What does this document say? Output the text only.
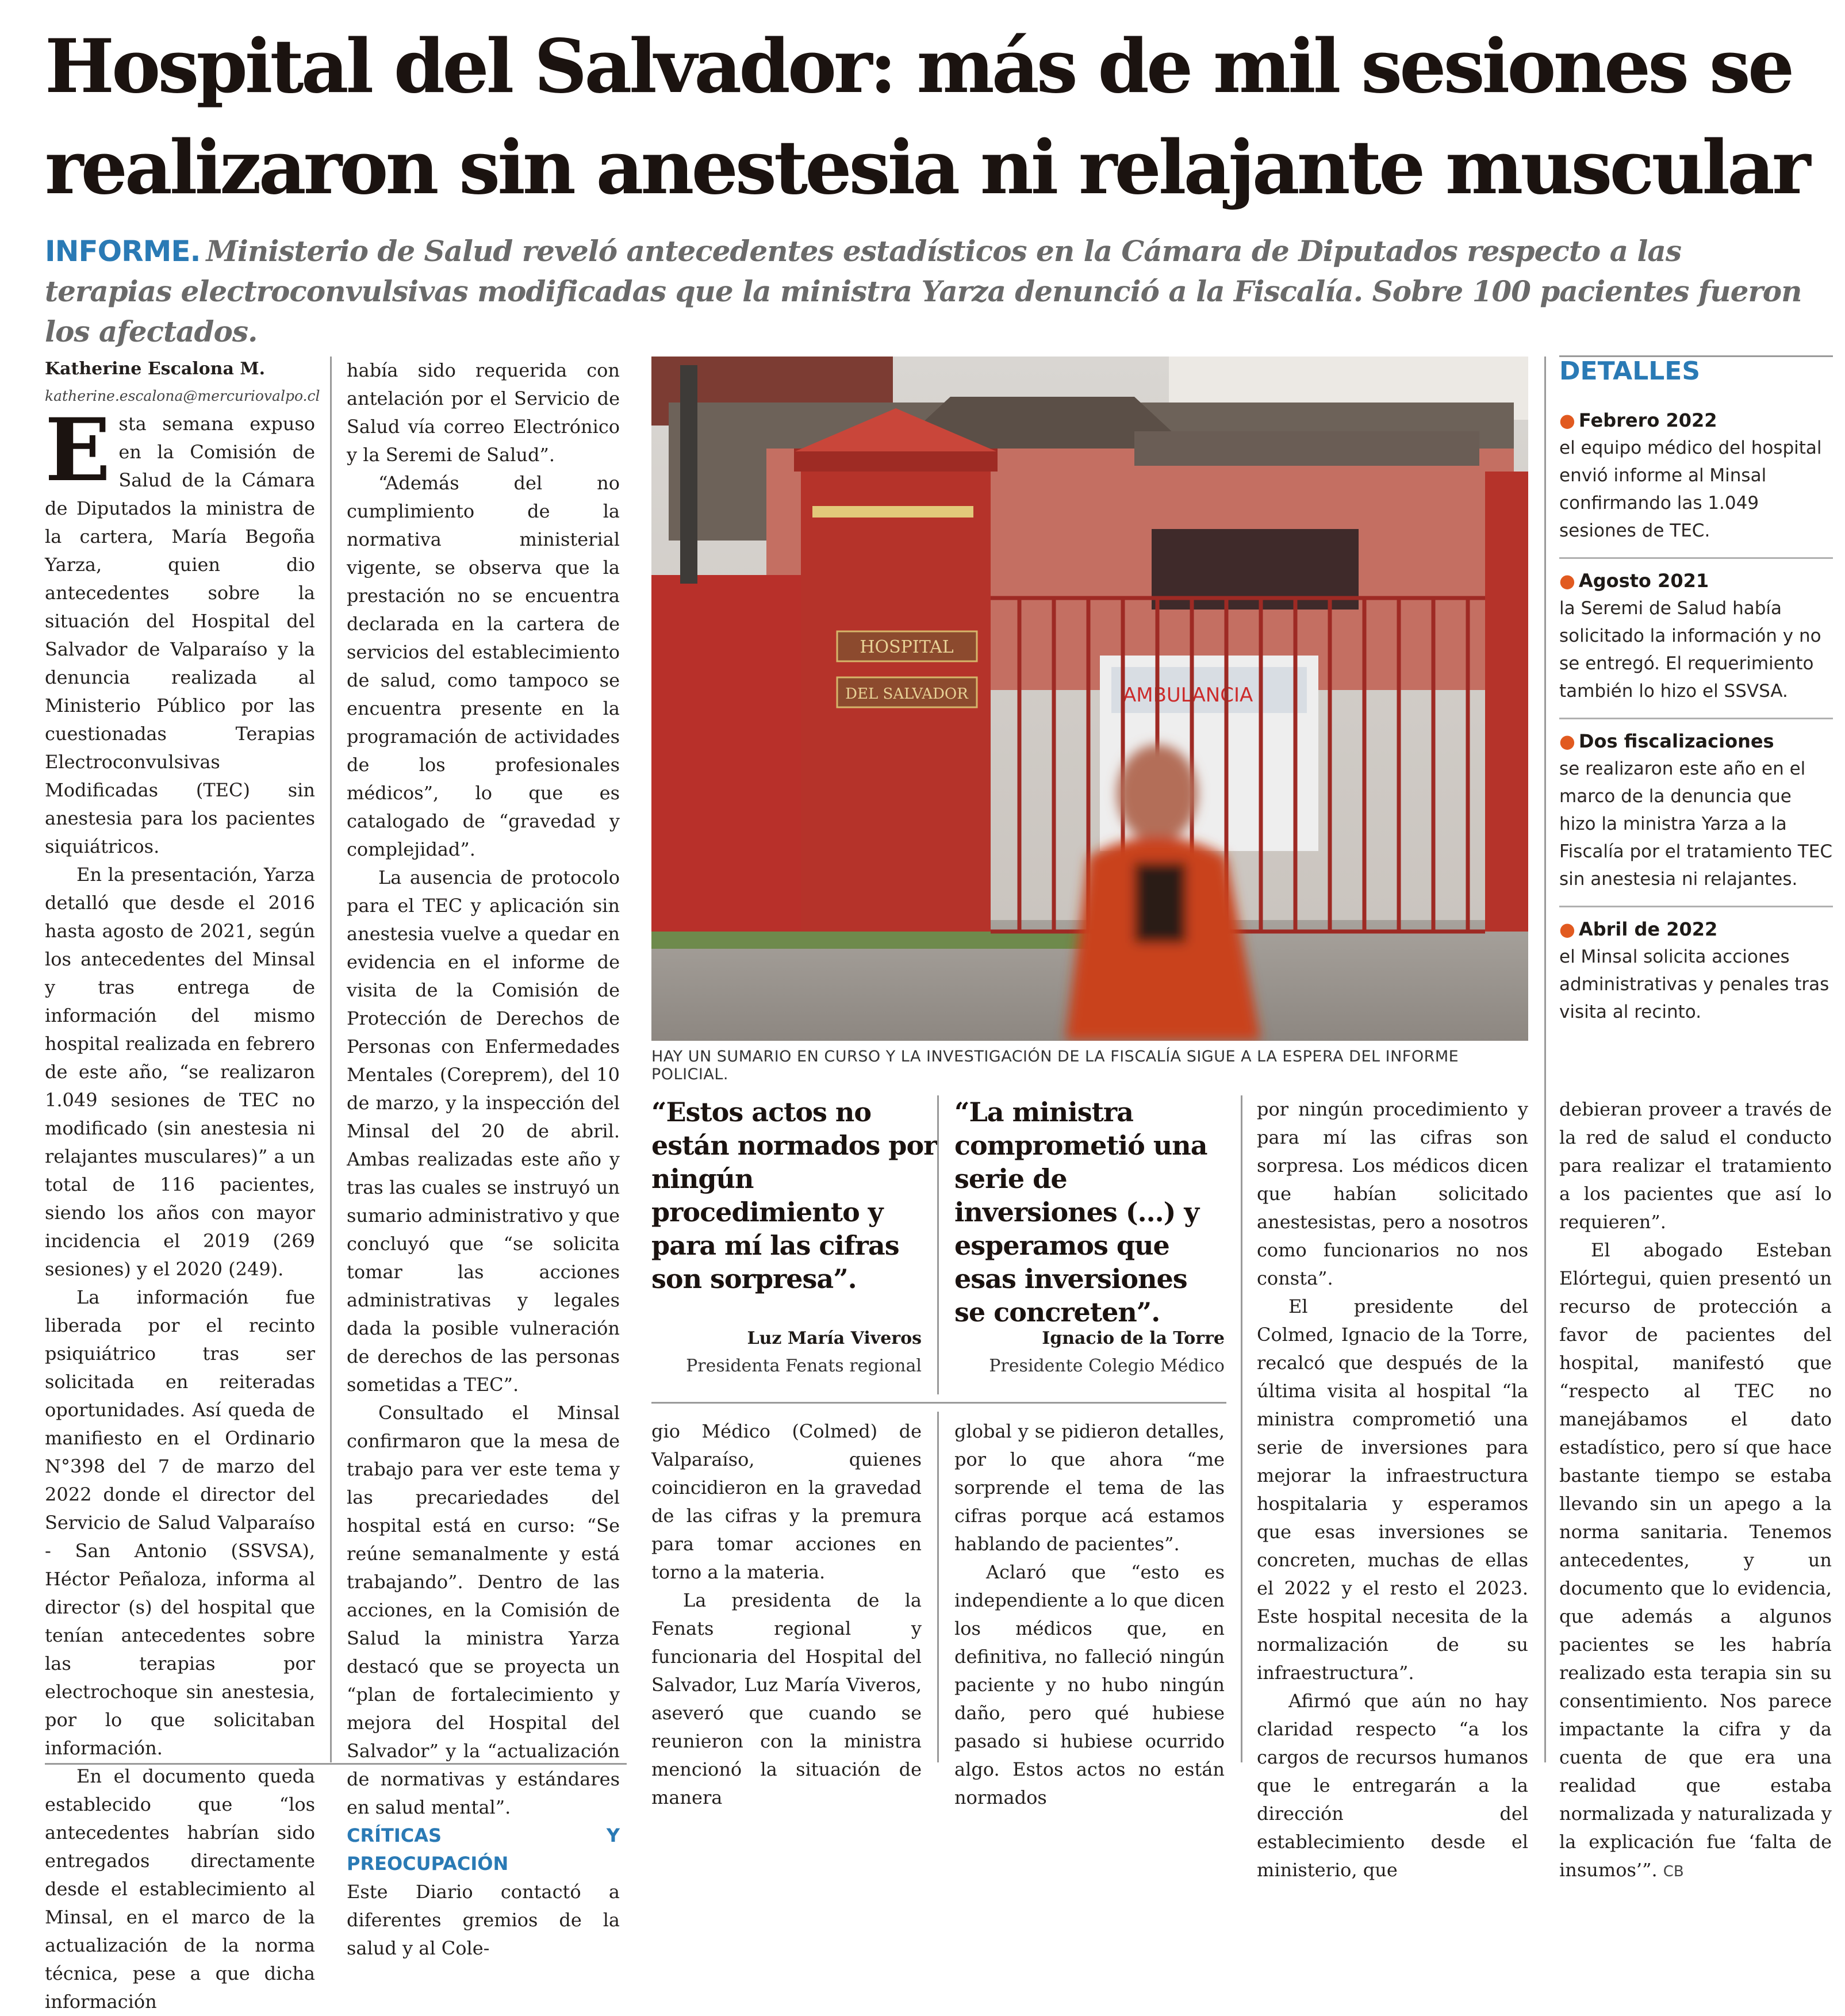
Hospital del Salvador: más de mil sesiones se realizaron sin anestesia ni relajante muscular

INFORME. Ministerio de Salud reveló antecedentes estadísticos en la Cámara de Diputados respecto a las terapias electroconvulsivas modificadas que la ministra Yarza denunció a la Fiscalía. Sobre 100 pacientes fueron los afectados.

Katherine Escalona M.

katherine.escalona@mercuriovalpo.cl

Esta semana expuso en la Comisión de Salud de la Cámara de Diputados la ministra de la cartera, María Begoña Yarza, quien dio antecedentes sobre la situación del Hospital del Salvador de Valparaíso y la denuncia realizada al Ministerio Público por las cuestionadas Terapias Electroconvulsivas Modificadas (TEC) sin anestesia para los pacientes siquiátricos.

En la presentación, Yarza detalló que desde el 2016 hasta agosto de 2021, según los antecedentes del Minsal y tras entrega de información del mismo hospital realizada en febrero de este año, “se realizaron 1.049 sesiones de TEC no modificado (sin anestesia ni relajantes musculares)” a un total de 116 pacientes, siendo los años con mayor incidencia el 2019 (269 sesiones) y el 2020 (249).

La información fue liberada por el recinto psiquiátrico tras ser solicitada en reiteradas oportunidades. Así queda de manifiesto en el Ordinario N°398 del 7 de marzo del 2022 donde el director del Servicio de Salud Valparaíso - San Antonio (SSVSA), Héctor Peñaloza, informa al director (s) del hospital que tenían antecedentes sobre las terapias por electrochoque sin anestesia, por lo que solicitaban información.

En el documento queda establecido que “los antecedentes habrían sido entregados directamente desde el establecimiento al Minsal, en el marco de la actualización de la norma técnica, pese a que dicha información

había sido requerida con antelación por el Servicio de Salud vía correo Electrónico y la Seremi de Salud”.

“Además del no cumplimiento de la normativa ministerial vigente, se observa que la prestación no se encuentra declarada en la cartera de servicios del establecimiento de salud, como tampoco se encuentra presente en la programación de actividades de los profesionales médicos”, lo que es catalogado de “gravedad y complejidad”.

La ausencia de protocolo para el TEC y aplicación sin anestesia vuelve a quedar en evidencia en el informe de visita de la Comisión de Protección de Derechos de Personas con Enfermedades Mentales (Coreprem), del 10 de marzo, y la inspección del Minsal del 20 de abril. Ambas realizadas este año y tras las cuales se instruyó un sumario administrativo y que concluyó que “se solicita tomar las acciones administrativas y legales dada la posible vulneración de derechos de las personas sometidas a TEC”.

Consultado el Minsal confirmaron que la mesa de trabajo para ver este tema y las precariedades del hospital está en curso: “Se reúne semanalmente y está trabajando”. Dentro de las acciones, en la Comisión de Salud la ministra Yarza destacó que se proyecta un “plan de fortalecimiento y mejora del Hospital del Salvador” y la “actualización de normativas y estándares en salud mental”.

CRÍTICAS Y PREOCUPACIÓN

Este Diario contactó a diferentes gremios de la salud y al Cole-

AMBULANCIA
HOSPITAL
DEL SALVADOR

HAY UN SUMARIO EN CURSO Y LA INVESTIGACIÓN DE LA FISCALÍA SIGUE A LA ESPERA DEL INFORME POLICIAL.

DETALLES

● Febrero 2022

el equipo médico del hospital envió informe al Minsal confirmando las 1.049 sesiones de TEC.

● Agosto 2021

la Seremi de Salud había solicitado la información y no se entregó. El requerimiento también lo hizo el SSVSA.

● Dos fiscalizaciones

se realizaron este año en el marco de la denuncia que hizo la ministra Yarza a la Fiscalía por el tratamiento TEC sin anestesia ni relajantes.

● Abril de 2022

el Minsal solicita acciones administrativas y penales tras visita al recinto.

“Estos actos no están normados por ningún procedimiento y para mí las cifras son sorpresa”.

Luz María Viveros

Presidenta Fenats regional

“La ministra comprometió una serie de inversiones (...) y esperamos que esas inversiones se concreten”.

Ignacio de la Torre

Presidente Colegio Médico

gio Médico (Colmed) de Valparaíso, quienes coincidieron en la gravedad de las cifras y la premura para tomar acciones en torno a la materia.

La presidenta de la Fenats regional y funcionaria del Hospital del Salvador, Luz María Viveros, aseveró que cuando se reunieron con la ministra mencionó la situación de manera

global y se pidieron detalles, por lo que ahora “me sorprende el tema de las cifras porque acá estamos hablando de pacientes”.

Aclaró que “esto es independiente a lo que dicen los médicos que, en definitiva, no falleció ningún paciente y no hubo ningún daño, pero qué hubiese pasado si hubiese ocurrido algo. Estos actos no están normados

por ningún procedimiento y para mí las cifras son sorpresa. Los médicos dicen que habían solicitado anestesistas, pero a nosotros como funcionarios no nos consta”.

El presidente del Colmed, Ignacio de la Torre, recalcó que después de la última visita al hospital “la ministra comprometió una serie de inversiones para mejorar la infraestructura hospitalaria y esperamos que esas inversiones se concreten, muchas de ellas el 2022 y el resto el 2023. Este hospital necesita de la normalización de su infraestructura”.

Afirmó que aún no hay claridad respecto “a los cargos de recursos humanos que le entregarán a la dirección del establecimiento desde el ministerio, que

debieran proveer a través de la red de salud el conducto para realizar el tratamiento a los pacientes que así lo requieren”.

El abogado Esteban Elórtegui, quien presentó un recurso de protección a favor de pacientes del hospital, manifestó que “respecto al TEC no manejábamos el dato estadístico, pero sí que hace bastante tiempo se estaba llevando sin un apego a la norma sanitaria. Tenemos antecedentes, y un documento que lo evidencia, que además a algunos pacientes se les habría realizado esta terapia sin su consentimiento. Nos parece impactante la cifra y da cuenta de que era una realidad que estaba normalizada y naturalizada y la explicación fue ‘falta de insumos’”. CB
